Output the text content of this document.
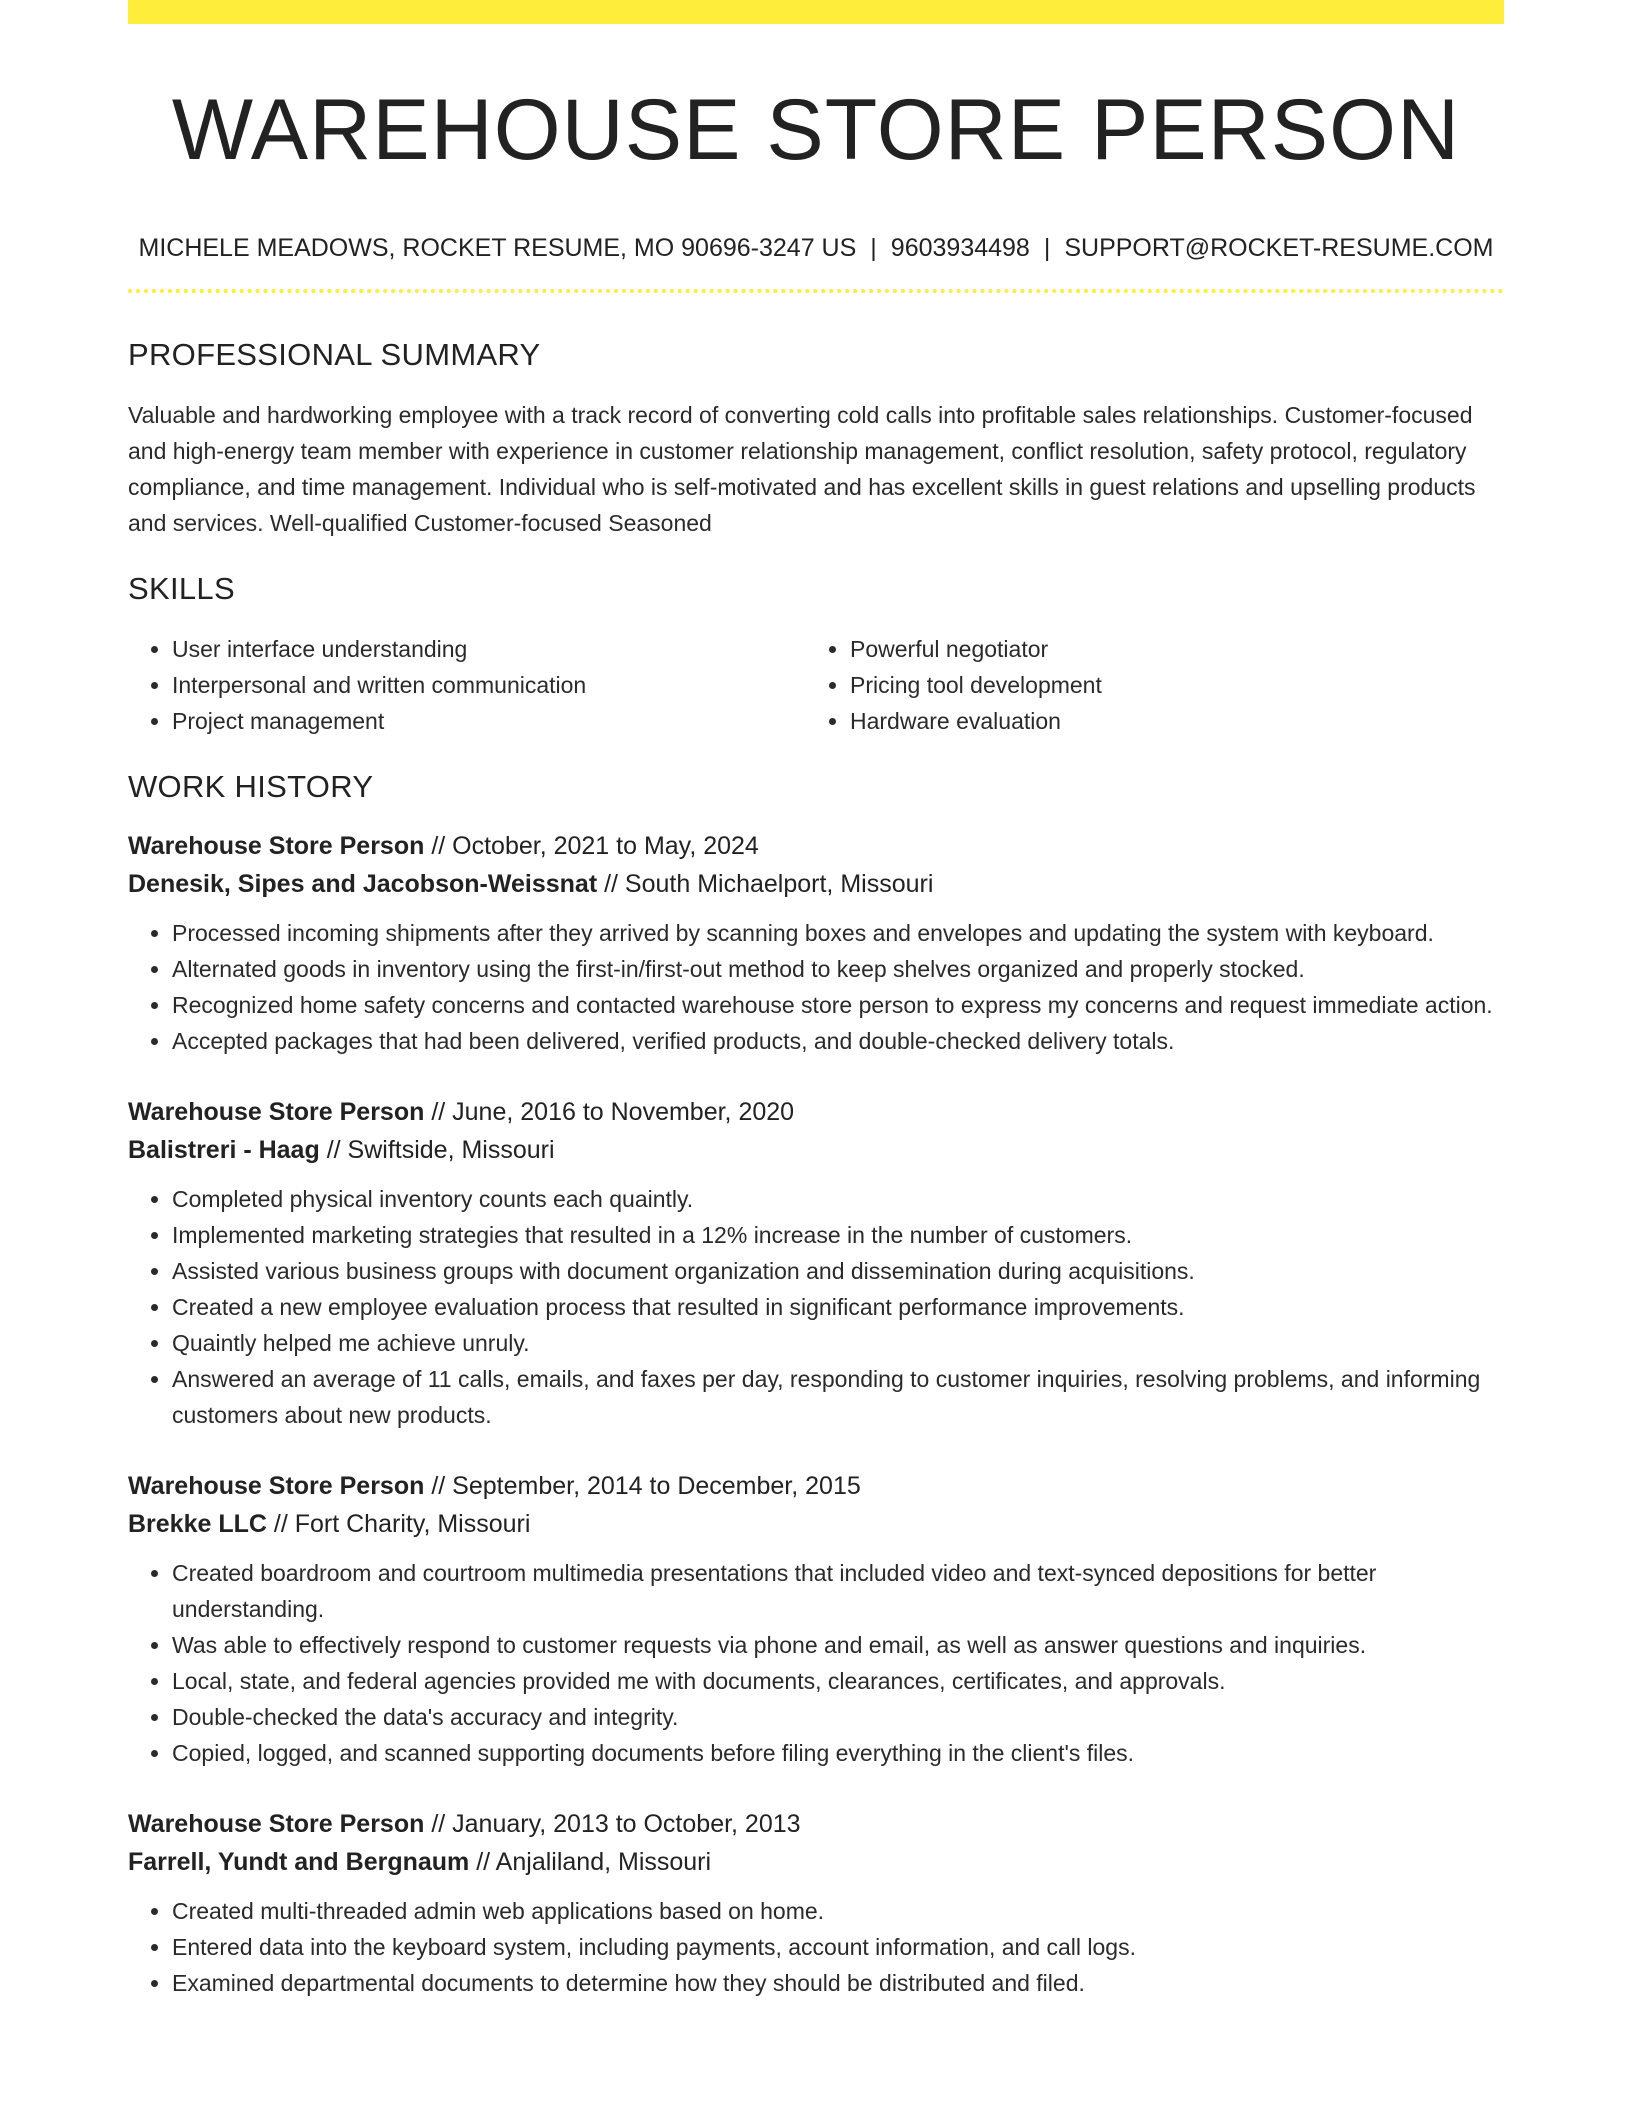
WAREHOUSE STORE PERSON
MICHELE MEADOWS, ROCKET RESUME, MO 90696-3247 US | 9603934498 | SUPPORT@ROCKET-RESUME.COM
PROFESSIONAL SUMMARY
Valuable and hardworking employee with a track record of converting cold calls into profitable sales relationships. Customer-focused and high-energy team member with experience in customer relationship management, conflict resolution, safety protocol, regulatory compliance, and time management. Individual who is self-motivated and has excellent skills in guest relations and upselling products and services. Well-qualified Customer-focused Seasoned
SKILLS
• User interface understanding
• Interpersonal and written communication
• Project management
• Powerful negotiator
• Pricing tool development
• Hardware evaluation
WORK HISTORY
Warehouse Store Person // October, 2021 to May, 2024
Denesik, Sipes and Jacobson-Weissnat // South Michaelport, Missouri
• Processed incoming shipments after they arrived by scanning boxes and envelopes and updating the system with keyboard.
• Alternated goods in inventory using the first-in/first-out method to keep shelves organized and properly stocked.
• Recognized home safety concerns and contacted warehouse store person to express my concerns and request immediate action.
• Accepted packages that had been delivered, verified products, and double-checked delivery totals.
Warehouse Store Person // June, 2016 to November, 2020
Balistreri - Haag // Swiftside, Missouri
• Completed physical inventory counts each quaintly.
• Implemented marketing strategies that resulted in a 12% increase in the number of customers.
• Assisted various business groups with document organization and dissemination during acquisitions.
• Created a new employee evaluation process that resulted in significant performance improvements.
• Quaintly helped me achieve unruly.
• Answered an average of 11 calls, emails, and faxes per day, responding to customer inquiries, resolving problems, and informing customers about new products.
Warehouse Store Person // September, 2014 to December, 2015
Brekke LLC // Fort Charity, Missouri
• Created boardroom and courtroom multimedia presentations that included video and text-synced depositions for better understanding.
• Was able to effectively respond to customer requests via phone and email, as well as answer questions and inquiries.
• Local, state, and federal agencies provided me with documents, clearances, certificates, and approvals.
• Double-checked the data's accuracy and integrity.
• Copied, logged, and scanned supporting documents before filing everything in the client's files.
Warehouse Store Person // January, 2013 to October, 2013
Farrell, Yundt and Bergnaum // Anjaliland, Missouri
• Created multi-threaded admin web applications based on home.
• Entered data into the keyboard system, including payments, account information, and call logs.
• Examined departmental documents to determine how they should be distributed and filed.
